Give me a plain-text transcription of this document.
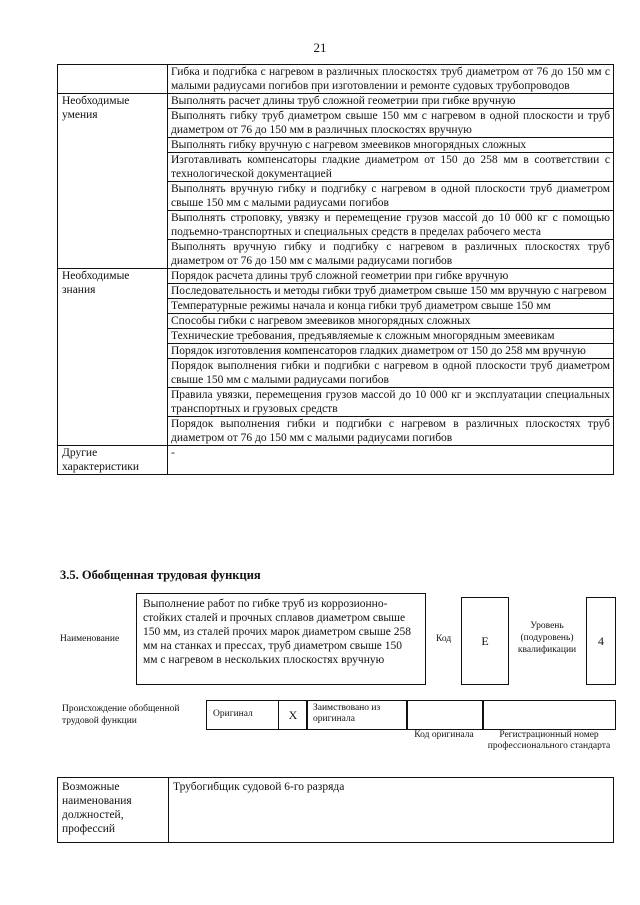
21
	Гибка и подгибка с нагревом в различных плоскостях труб диаметром от 76 до 150 мм с малыми радиусами погибов при изготовлении и ремонте судовых трубопроводов
Необходимые умения	Выполнять расчет длины труб сложной геометрии при гибке вручную
	Выполнять гибку труб диаметром свыше 150 мм с нагревом в одной плоскости и труб диаметром от 76 до 150 мм в различных плоскостях вручную
	Выполнять гибку вручную с нагревом змеевиков многорядных сложных
	Изготавливать компенсаторы гладкие диаметром от 150 до 258 мм в соответствии с технологической документацией
	Выполнять вручную гибку и подгибку с нагревом в одной плоскости труб диаметром свыше 150 мм с малыми радиусами погибов
	Выполнять строповку, увязку и перемещение грузов массой до 10 000 кг с помощью подъемно-транспортных и специальных средств в пределах рабочего места
	Выполнять вручную гибку и подгибку с нагревом в различных плоскостях труб диаметром от 76 до 150 мм с малыми радиусами погибов
Необходимые знания	Порядок расчета длины труб сложной геометрии при гибке вручную
	Последовательность и методы гибки труб диаметром свыше 150 мм вручную с нагревом
	Температурные режимы начала и конца гибки труб диаметром свыше 150 мм
	Способы гибки с нагревом змеевиков многорядных сложных
	Технические требования, предъявляемые к сложным многорядным змеевикам
	Порядок изготовления компенсаторов гладких диаметром от 150 до 258 мм вручную
	Порядок выполнения гибки и подгибки с нагревом в одной плоскости труб диаметром свыше 150 мм с малыми радиусами погибов
	Правила увязки, перемещения грузов массой до 10 000 кг и эксплуатации специальных транспортных и грузовых средств
	Порядок выполнения гибки и подгибки с нагревом в различных плоскостях труб диаметром от 76 до 150 мм с малыми радиусами погибов
Другие характеристики	-
3.5. Обобщенная трудовая функция
Наименование
Выполнение работ по гибке труб из коррозионно-стойких сталей и прочных сплавов диаметром свыше 150 мм, из сталей прочих марок диаметром свыше 258 мм на станках и прессах, труб диаметром свыше 150 мм с нагревом в нескольких плоскостях вручную
Код	E
Уровень (подуровень) квалификации
4
Происхождение обобщенной трудовой функции
Оригинал	X	Заимствовано из оригинала
Код оригинала	Регистрационный номер профессионального стандарта
Возможные наименования должностей, профессий	Трубогибщик судовой 6-го разряда
